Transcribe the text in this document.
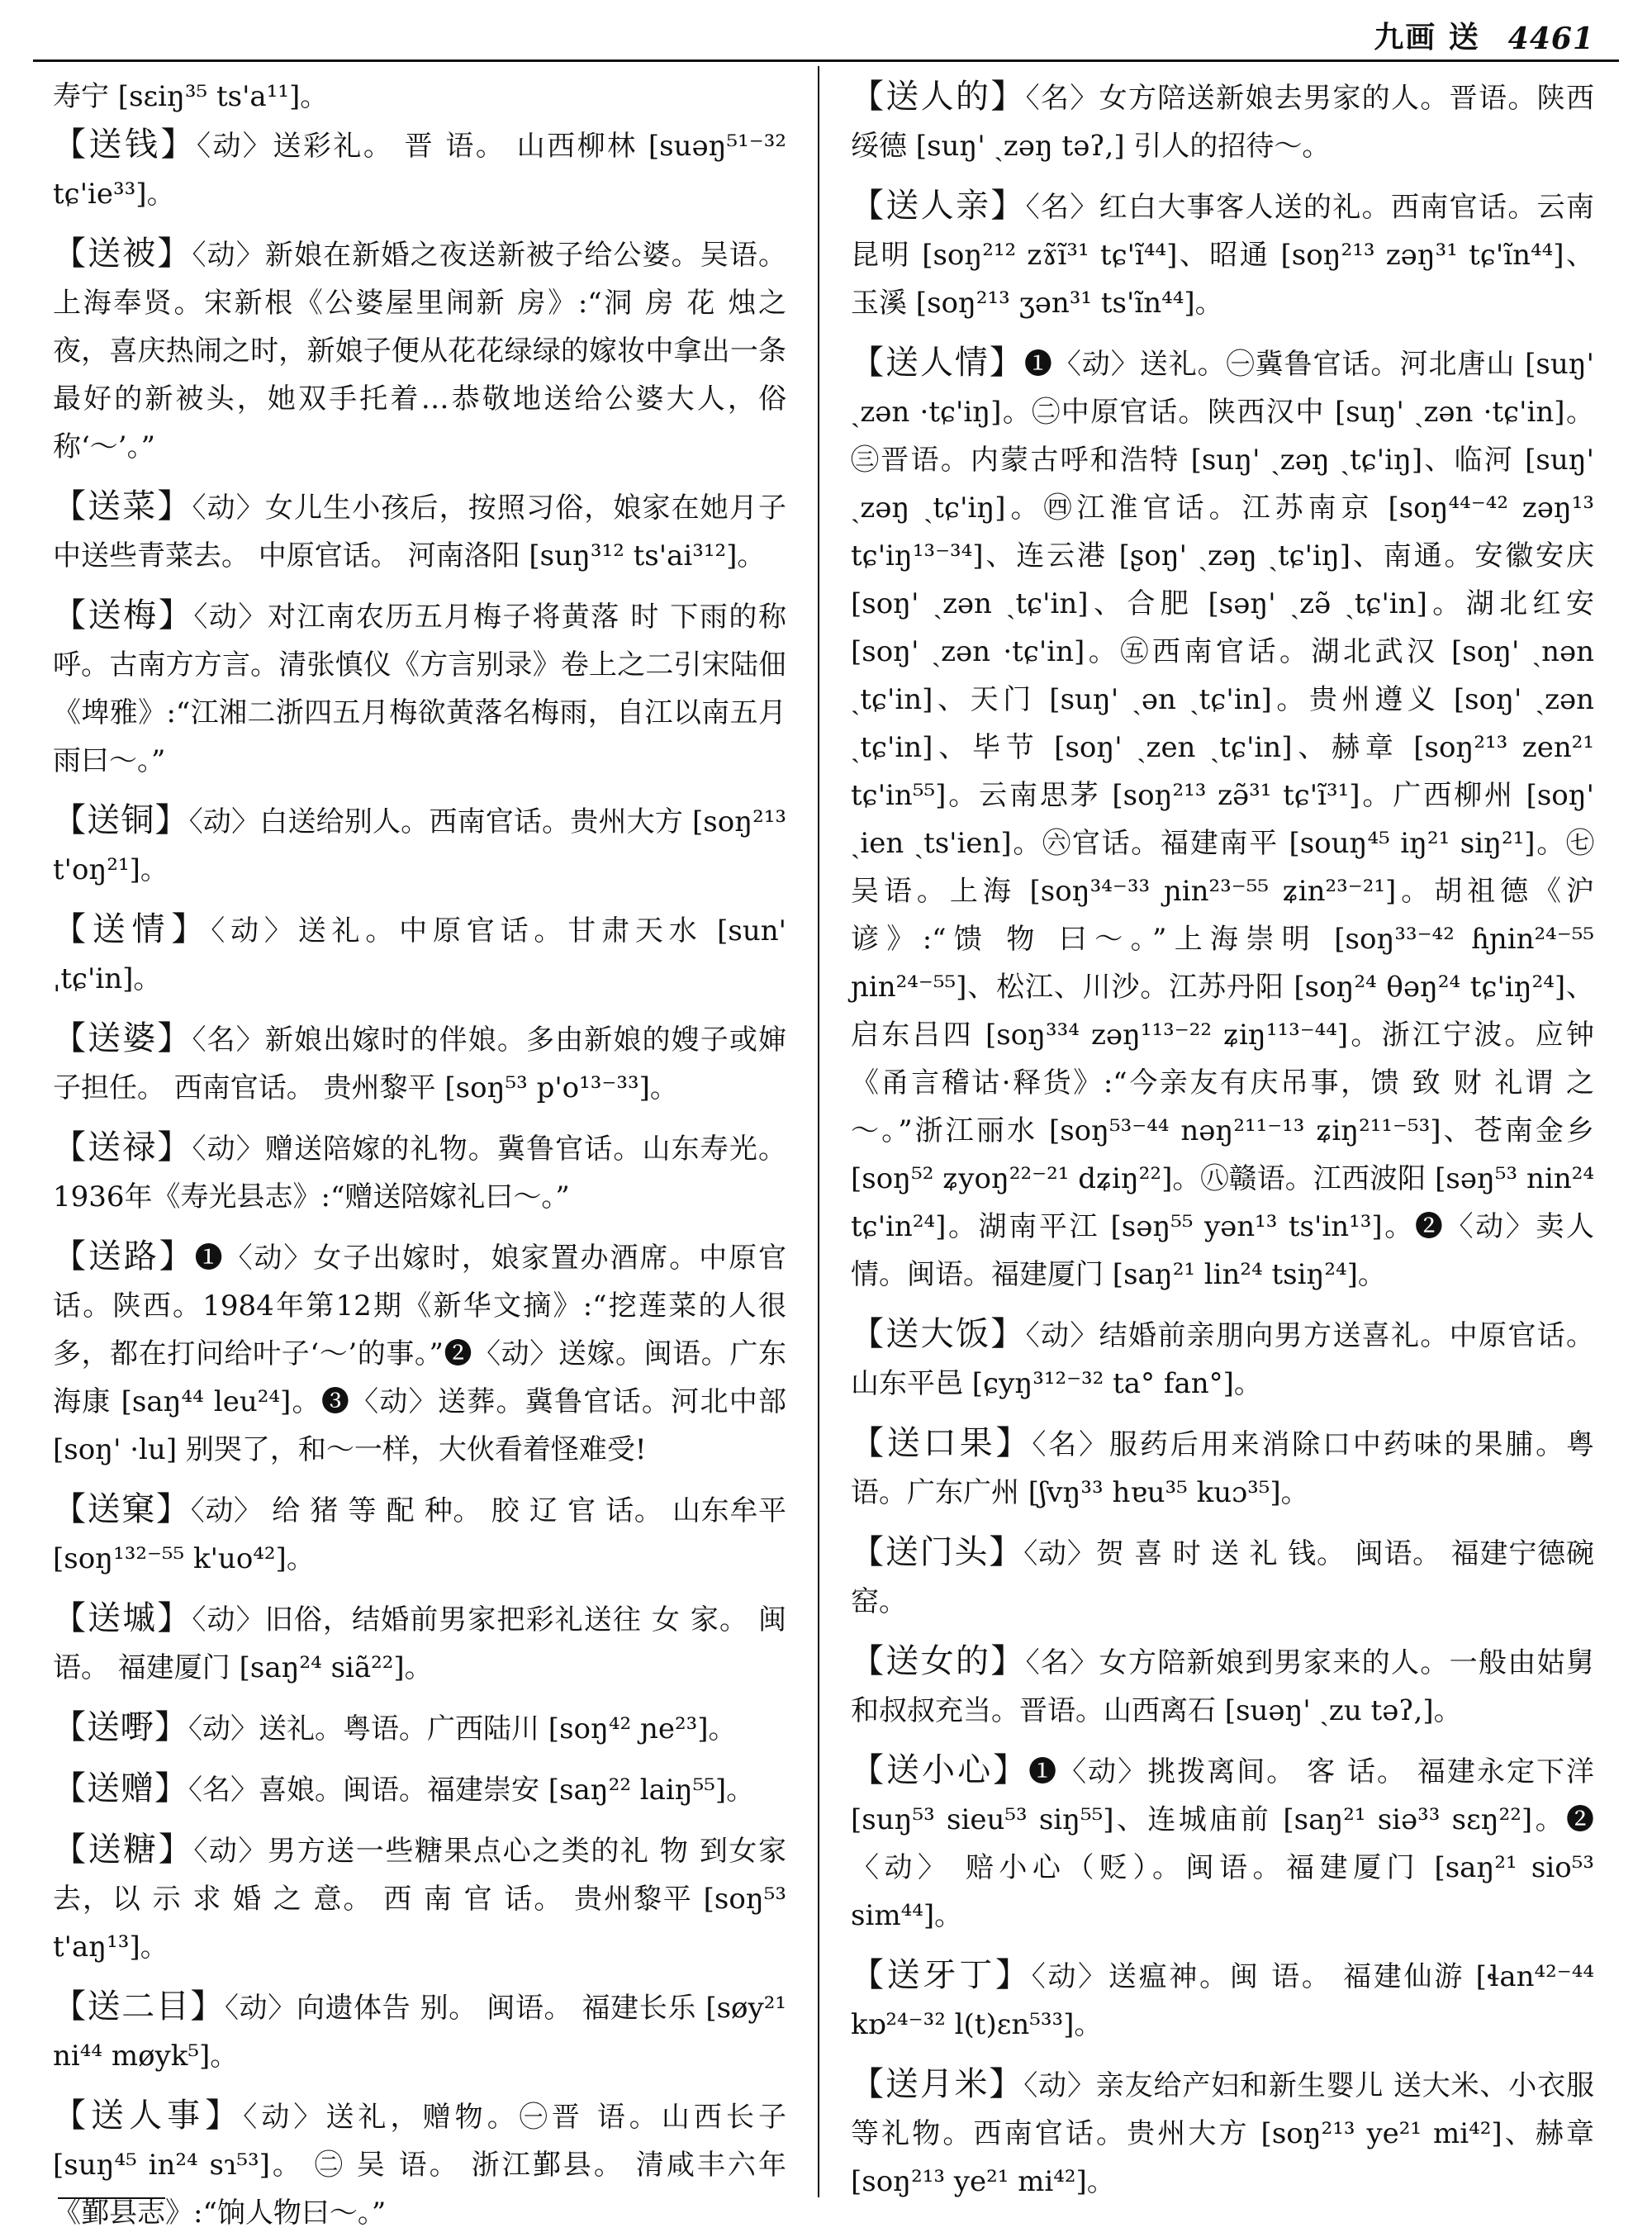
九画 送 4461
寿宁 [sɛiŋ³⁵ ts'a¹¹]。

【送钱】〈动〉送彩礼。 晋 语。 山西柳林 [suəŋ⁵¹⁻³² tɕ'ie³³]。

【送被】〈动〉新娘在新婚之夜送新被子给公婆。吴语。上海奉贤。宋新根《公婆屋里闹新 房》:“洞 房 花 烛之夜，喜庆热闹之时，新娘子便从花花绿绿的嫁妆中拿出一条最好的新被头，她双手托着…恭敬地送给公婆大人，俗称‘～’。”

【送菜】〈动〉女儿生小孩后，按照习俗，娘家在她月子中送些青菜去。 中原官话。 河南洛阳 [suŋ³¹² ts'ai³¹²]。

【送梅】〈动〉对江南农历五月梅子将黄落 时 下雨的称呼。古南方方言。清张慎仪《方言别录》卷上之二引宋陆佃《埤雅》:“江湘二浙四五月梅欲黄落名梅雨，自江以南五月雨曰～。”

【送铜】〈动〉白送给别人。西南官话。贵州大方 [soŋ²¹³ t'oŋ²¹]。

【送情】〈动〉送礼。中原官话。甘肃天水 [sun' ˌtɕ'in]。

【送婆】〈名〉新娘出嫁时的伴娘。多由新娘的嫂子或婶子担任。 西南官话。 贵州黎平 [soŋ⁵³ p'o¹³⁻³³]。

【送禄】〈动〉赠送陪嫁的礼物。冀鲁官话。山东寿光。1936年《寿光县志》:“赠送陪嫁礼曰～。”

【送路】❶〈动〉女子出嫁时，娘家置办酒席。中原官话。陕西。1984年第12期《新华文摘》:“挖莲菜的人很多，都在打问给叶子‘～’的事。”❷〈动〉送嫁。闽语。广东海康 [saŋ⁴⁴ leu²⁴]。❸〈动〉送葬。冀鲁官话。河北中部 [soŋ' ·lu] 别哭了，和～一样，大伙看着怪难受!

【送窠】〈动〉 给 猪 等 配 种。 胶 辽 官 话。 山东牟平 [soŋ¹³²⁻⁵⁵ k'uo⁴²]。

【送墄】〈动〉旧俗，结婚前男家把彩礼送往 女 家。 闽语。 福建厦门 [saŋ²⁴ siã²²]。

【送嘢】〈动〉送礼。粤语。广西陆川 [soŋ⁴² ɲe²³]。

【送赠】〈名〉喜娘。闽语。福建崇安 [saŋ²² laiŋ⁵⁵]。

【送糖】〈动〉男方送一些糖果点心之类的礼 物 到女家去，以 示 求 婚 之 意。 西 南 官 话。 贵州黎平 [soŋ⁵³ t'aŋ¹³]。

【送二目】〈动〉向遗体告 别。 闽语。 福建长乐 [søy²¹ ni⁴⁴ møyk⁵]。

【送人事】〈动〉送礼，赠物。㊀晋 语。山西长子 [suŋ⁴⁵ in²⁴ sɿ⁵³]。 ㊁ 吴 语。 浙江鄞县。 清咸丰六年《鄞县志》:“饷人物曰～。”

【送人的】〈名〉女方陪送新娘去男家的人。晋语。陕西绥德 [suŋ' ˏzəŋ təʔ,] 引人的招待～。

【送人亲】〈名〉红白大事客人送的礼。西南官话。云南昆明 [soŋ²¹² zɤ̃ĩ³¹ tɕ'ĩ⁴⁴]、昭通 [soŋ²¹³ zəŋ³¹ tɕ'ĩn⁴⁴]、玉溪 [soŋ²¹³ ʒən³¹ ts'ĩn⁴⁴]。

【送人情】❶〈动〉送礼。㊀冀鲁官话。河北唐山 [suŋ' ˏzən ·tɕ'iŋ]。㊁中原官话。陕西汉中 [suŋ' ˏzən ·tɕ'in]。㊂晋语。内蒙古呼和浩特 [suŋ' ˏzəŋ ˏtɕ'iŋ]、临河 [suŋ' ˏzəŋ ˏtɕ'iŋ]。㊃江淮官话。江苏南京 [soŋ⁴⁴⁻⁴² zəŋ¹³ tɕ'iŋ¹³⁻³⁴]、连云港 [ʂoŋ' ˏzəŋ ˏtɕ'iŋ]、南通。安徽安庆 [soŋ' ˏzən ˏtɕ'in]、合肥 [səŋ' ˏzə̃ ˏtɕ'in]。湖北红安 [soŋ' ˏzən ·tɕ'in]。㊄西南官话。湖北武汉 [soŋ' ˏnən ˏtɕ'in]、天门 [suŋ' ˏən ˏtɕ'in]。贵州遵义 [soŋ' ˏzən ˏtɕ'in]、毕节 [soŋ' ˏzen ˏtɕ'in]、赫章 [soŋ²¹³ zen²¹ tɕ'in⁵⁵]。云南思茅 [soŋ²¹³ zə̃³¹ tɕ'ĩ³¹]。广西柳州 [soŋ' ˏien ˏts'ien]。㊅官话。福建南平 [souŋ⁴⁵ iŋ²¹ siŋ²¹]。㊆吴语。上海 [soŋ³⁴⁻³³ ɲin²³⁻⁵⁵ ʑin²³⁻²¹]。胡祖德《沪谚》:“馈 物 曰～。”上海崇明 [soŋ³³⁻⁴² ɦɲin²⁴⁻⁵⁵ ɲin²⁴⁻⁵⁵]、松江、川沙。江苏丹阳 [soŋ²⁴ θəŋ²⁴ tɕ'iŋ²⁴]、启东吕四 [soŋ³³⁴ zəŋ¹¹³⁻²² ʑiŋ¹¹³⁻⁴⁴]。浙江宁波。应钟《甬言稽诂·释货》:“今亲友有庆吊事，馈 致 财 礼谓 之～。”浙江丽水 [soŋ⁵³⁻⁴⁴ nəŋ²¹¹⁻¹³ ʑiŋ²¹¹⁻⁵³]、苍南金乡 [soŋ⁵² ʑyoŋ²²⁻²¹ dʑiŋ²²]。㊇赣语。江西波阳 [səŋ⁵³ nin²⁴ tɕ'in²⁴]。湖南平江 [səŋ⁵⁵ yən¹³ ts'in¹³]。❷〈动〉卖人情。闽语。福建厦门 [saŋ²¹ lin²⁴ tsiŋ²⁴]。

【送大饭】〈动〉结婚前亲朋向男方送喜礼。中原官话。山东平邑 [ɕyŋ³¹²⁻³² ta° fan°]。

【送口果】〈名〉服药后用来消除口中药味的果脯。粤语。广东广州 [ʃvŋ³³ hɐu³⁵ kuɔ³⁵]。

【送门头】〈动〉贺 喜 时 送 礼 钱。 闽语。 福建宁德碗窑。

【送女的】〈名〉女方陪新娘到男家来的人。一般由姑舅和叔叔充当。晋语。山西离石 [suəŋ' ˏzu təʔ,]。

【送小心】❶〈动〉挑拨离间。 客 话。 福建永定下洋 [suŋ⁵³ sieu⁵³ siŋ⁵⁵]、连城庙前 [saŋ²¹ siə³³ sɛŋ²²]。❷〈动〉 赔小心（贬）。闽语。福建厦门 [saŋ²¹ sio⁵³ sim⁴⁴]。

【送牙丁】〈动〉送瘟神。闽 语。 福建仙游 [ɬan⁴²⁻⁴⁴ kɒ²⁴⁻³² l(t)ɛn⁵³³]。

【送月米】〈动〉亲友给产妇和新生婴儿 送大米、小衣服等礼物。西南官话。贵州大方 [soŋ²¹³ ye²¹ mi⁴²]、赫章 [soŋ²¹³ ye²¹ mi⁴²]。
